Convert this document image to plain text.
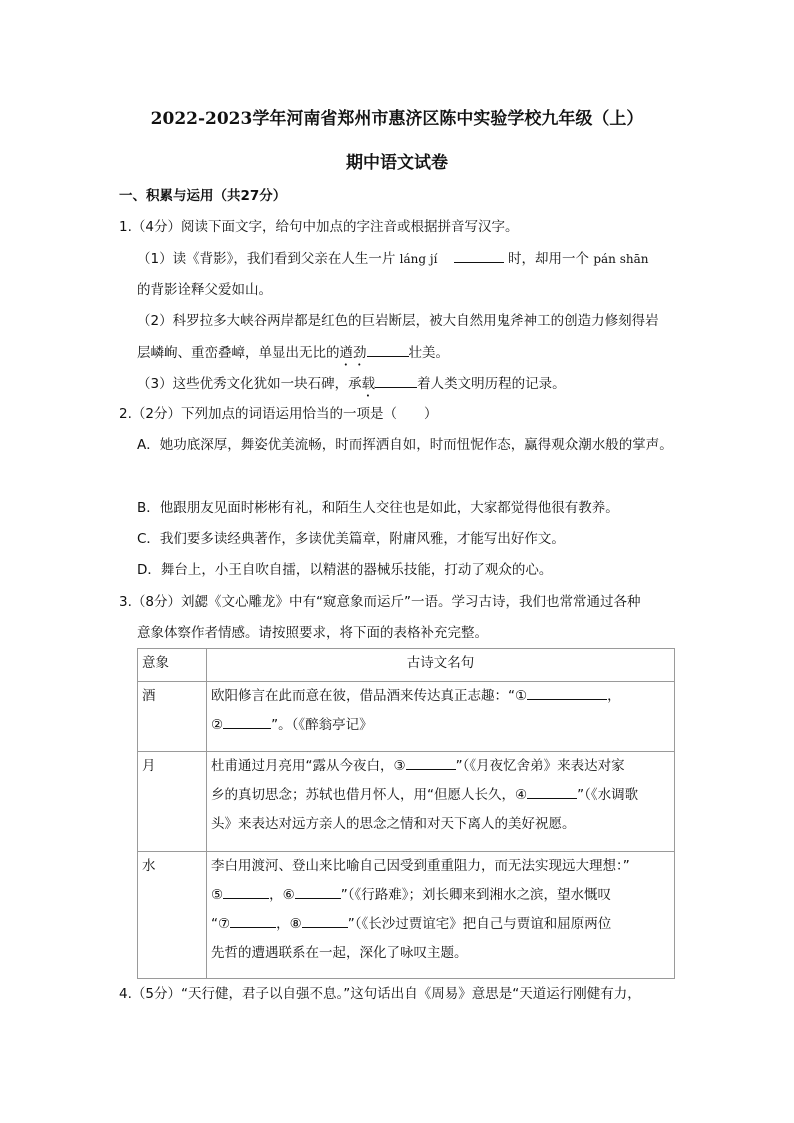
2022-2023学年河南省郑州市惠济区陈中实验学校九年级（上）
期中语文试卷
一、积累与运用（共27分）
1.（4分）阅读下面文字，给句中加点的字注音或根据拼音写汉字。
（1）读《背影》，我们看到父亲在人生一片 láng jí	时，却用一个 pán shān
的背影诠释父爱如山。
（2）科罗拉多大峡谷两岸都是红色的巨岩断层，被大自然用鬼斧神工的创造力修刻得岩
层嶙峋、重峦叠嶂，单显出无比的遒劲	壮美。
（3）这些优秀文化犹如一块石碑，承载	着人类文明历程的记录。
2.（2分）下列加点的词语运用恰当的一项是（　　）
A．她功底深厚，舞姿优美流畅，时而挥洒自如，时而忸怩作态，赢得观众潮水般的掌声。
B．他跟朋友见面时彬彬有礼，和陌生人交往也是如此，大家都觉得他很有教养。
C．我们要多读经典著作，多读优美篇章，附庸风雅，才能写出好作文。
D．舞台上，小王自吹自擂，以精湛的器械乐技能，打动了观众的心。
3.（8分）刘勰《文心雕龙》中有“窥意象而运斤”一语。学习古诗，我们也常常通过各种
意象体察作者情感。请按照要求，将下面的表格补充完整。
意象	古诗文名句

酒	欧阳修言在此而意在彼，借品酒来传达真正志趣：“① ，
② ”。（《醉翁亭记》

月	杜甫通过月亮用“露从今夜白，③ ”（《月夜忆舍弟》来表达对家
乡的真切思念；苏轼也借月怀人，用“但愿人长久，④ ”（《水调歌
头》来表达对远方亲人的思念之情和对天下离人的美好祝愿。

水	李白用渡河、登山来比喻自己因受到重重阻力，而无法实现远大理想：”
⑤ ，⑥ ”（《行路难》；刘长卿来到湘水之滨，望水慨叹
“⑦ ，⑧ ”（《长沙过贾谊宅》把自己与贾谊和屈原两位
先哲的遭遇联系在一起，深化了咏叹主题。
4.（5分）“天行健，君子以自强不息。”这句话出自《周易》意思是“天道运行刚健有力，
